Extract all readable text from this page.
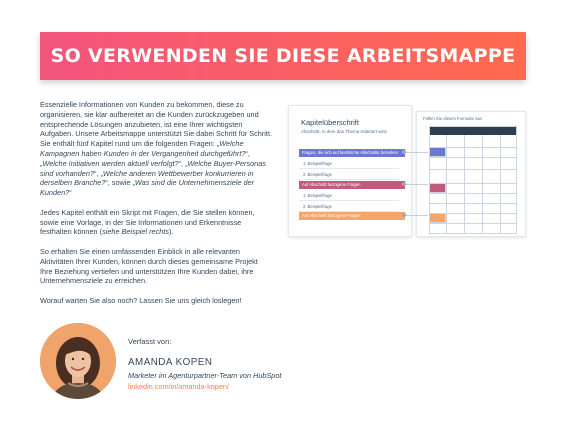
SO VERWENDEN SIE DIESE ARBEITSMAPPE

Essenzielle Informationen von Kunden zu bekommen, diese zu organisieren, sie klar aufbereitet an die Kunden zurückzugeben und entsprechende Lösungen anzubieten, ist eine Ihrer wichtigsten Aufgaben. Unsere Arbeitsmappe unterstützt Sie dabei Schritt für Schritt. Sie enthält fünf Kapitel rund um die folgenden Fragen: „Welche Kampagnen haben Kunden in der Vergangenheit durchgeführt?“, „Welche Initiativen werden aktuell verfolgt?“, „Welche Buyer-Personas sind vorhanden?“, „Welche anderen Wettbewerber konkurrieren in derselben Branche?“, sowie „Was sind die Unternehmensziele der Kunden?“

Jedes Kapitel enthält ein Skript mit Fragen, die Sie stellen können, sowie eine Vorlage, in der Sie Informationen und Erkenntnisse festhalten können (siehe Beispiel rechts).

So erhalten Sie einen umfassenden Einblick in alle relevanten Aktivitäten Ihrer Kunden, können durch dieses gemeinsame Projekt Ihre Beziehung vertiefen und unterstützen Ihre Kunden dabei, ihre Unternehmensziele zu erreichen.

Worauf warten Sie also noch? Lassen Sie uns gleich loslegen!

Kapitelüberschrift
Abschnitt, in dem das Thema erläutert wird
Fragen, die sich auf bestimmte Abschnitte beziehen
1. Beispielfrage
2. Beispielfrage
Auf Abschnitt bezogene Fragen
1. Beispielfrage
2. Beispielfrage
Auf Abschnitt bezogene Fragen
Füllen Sie dieses Formular aus
Verfasst von:
AMANDA KOPEN
Marketer im Agenturpartner-Team von HubSpot
linkedin.com/in/amanda-kopen/
